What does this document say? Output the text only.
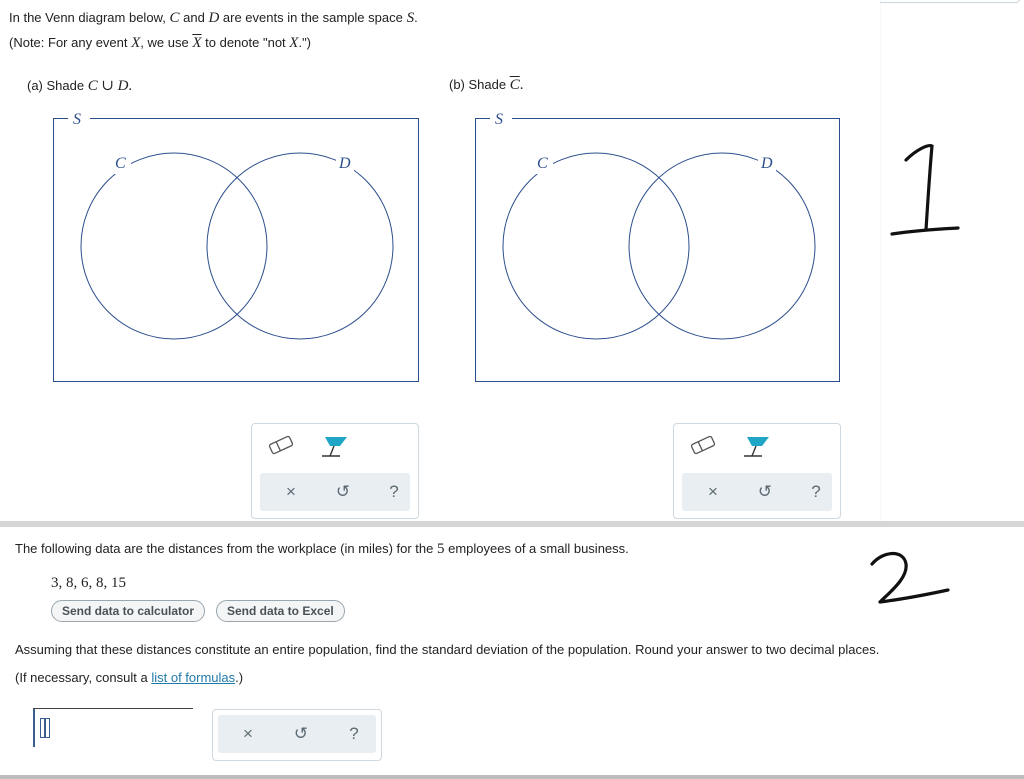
In the Venn diagram below, C and D are events in the sample space S.
(Note: For any event X, we use $\overline{X}$ to denote "not X.")
(a) Shade C ∪ D.	(b) Shade $\overline{C}$.
S
C	D
S
C	D
×	↺	?	×	↺	?
The following data are the distances from the workplace (in miles) for the 5 employees of a small business.
3, 8, 6, 8, 15
Send data to calculator	Send data to Excel
Assuming that these distances constitute an entire population, find the standard deviation of the population. Round your answer to two decimal places.
(If necessary, consult a list of formulas.)
×	↺	?
